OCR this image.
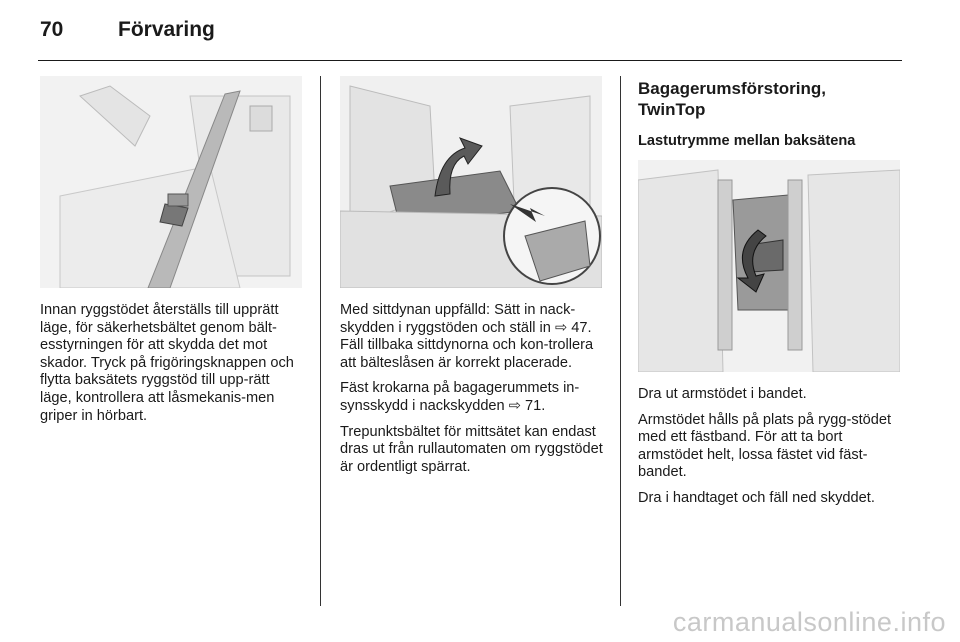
70	Förvaring

Innan ryggstödet återställs till upprätt läge, för säkerhetsbältet genom bält-esstyrningen för att skydda det mot skador. Tryck på frigöringsknappen och flytta baksätets ryggstöd till upp-rätt läge, kontrollera att låsmekanis-men griper in hörbart.

Med sittdynan uppfälld: Sätt in nack-skydden i ryggstöden och ställ in ⇨ 47. Fäll tillbaka sittdynorna och kon-trollera att bälteslåsen är korrekt placerade.

Fäst krokarna på bagagerummets in-synsskydd i nackskydden ⇨ 71.

Trepunktsbältet för mittsätet kan endast dras ut från rullautomaten om ryggstödet är ordentligt spärrat.

Bagagerumsförstoring, TwinTop
Lastutrymme mellan baksätena

Dra ut armstödet i bandet.

Armstödet hålls på plats på rygg-stödet med ett fästband. För att ta bort armstödet helt, lossa fästet vid fäst-bandet.

Dra i handtaget och fäll ned skyddet.

carmanualsonline.info
